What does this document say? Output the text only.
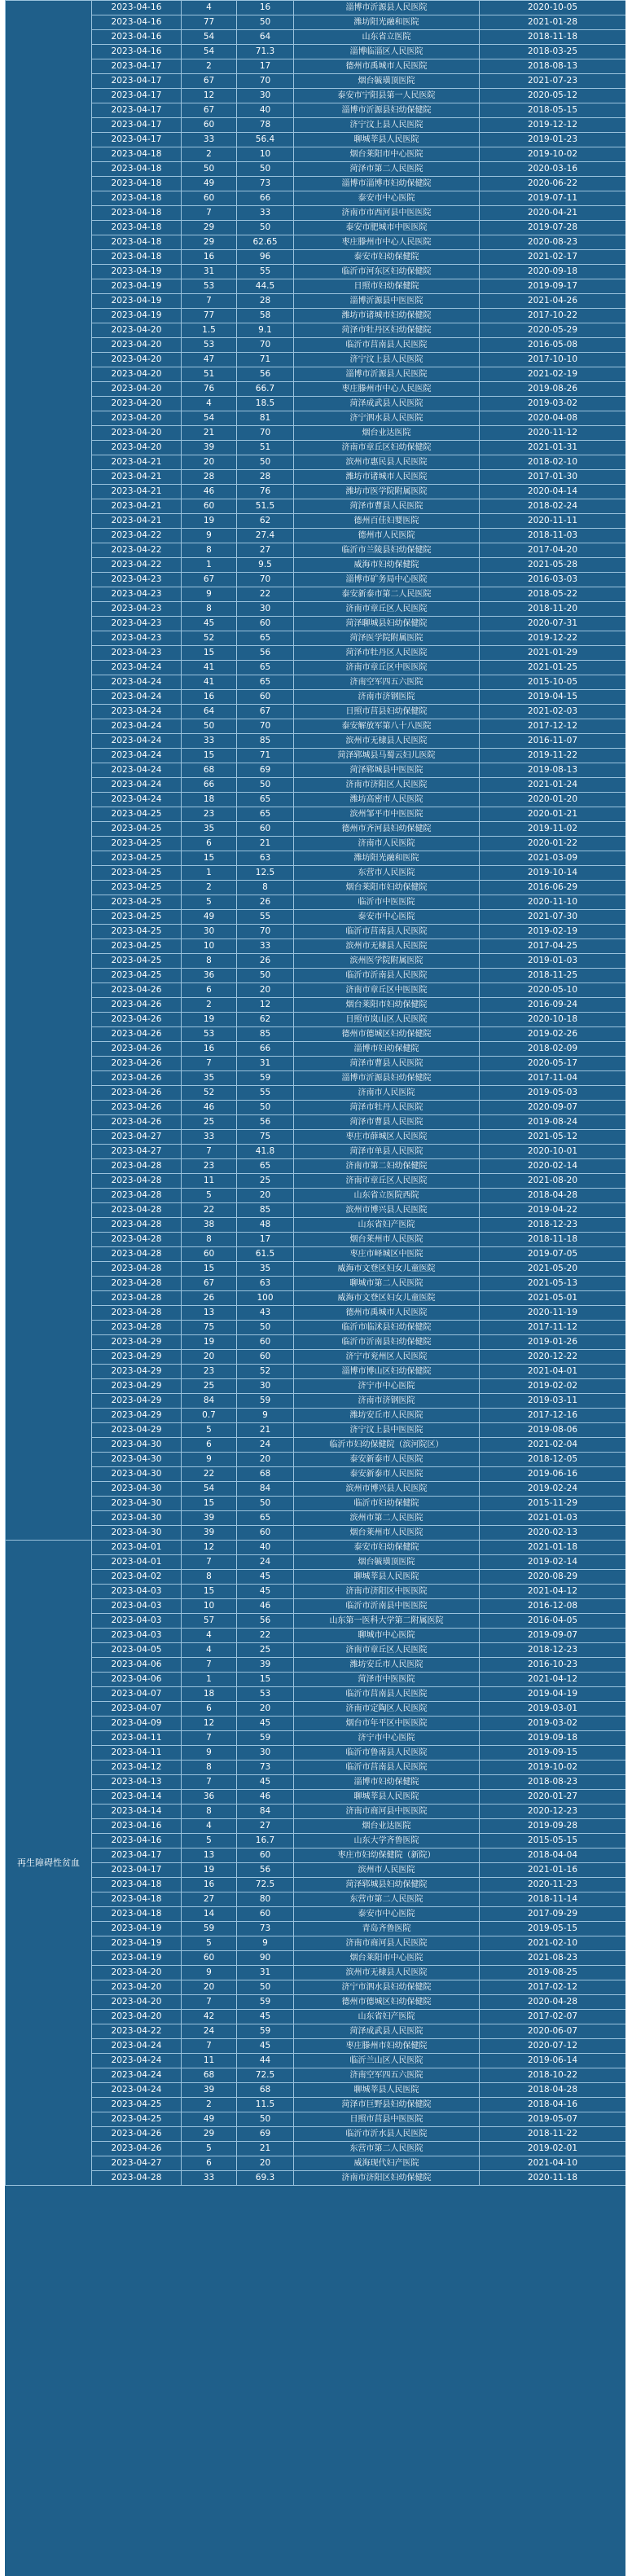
	2023-04-16	4	16	淄博市沂源县人民医院	2020-10-05
	2023-04-16	77	50	潍坊阳光融和医院	2021-01-28
	2023-04-16	54	64	山东省立医院	2018-11-18
	2023-04-16	54	71.3	淄博临淄区人民医院	2018-03-25
	2023-04-17	2	17	德州市禹城市人民医院	2018-08-13
	2023-04-17	67	70	烟台毓璜顶医院	2021-07-23
	2023-04-17	12	30	泰安市宁阳县第一人民医院	2020-05-12
	2023-04-17	67	40	淄博市沂源县妇幼保健院	2018-05-15
	2023-04-17	60	78	济宁汶上县人民医院	2019-12-12
	2023-04-17	33	56.4	聊城莘县人民医院	2019-01-23
	2023-04-18	2	10	烟台莱阳市中心医院	2019-10-02
	2023-04-18	50	50	菏泽市第二人民医院	2020-03-16
	2023-04-18	49	73	淄博市淄博市妇幼保健院	2020-06-22
	2023-04-18	60	66	泰安市中心医院	2019-07-11
	2023-04-18	7	33	济南市市西河县中医医院	2020-04-21
	2023-04-18	29	50	泰安市肥城市中医医院	2019-07-28
	2023-04-18	29	62.65	枣庄滕州市中心人民医院	2020-08-23
	2023-04-18	16	96	泰安市妇幼保健院	2021-02-17
	2023-04-19	31	55	临沂市河东区妇幼保健院	2020-09-18
	2023-04-19	53	44.5	日照市妇幼保健院	2019-09-17
	2023-04-19	7	28	淄博沂源县中医医院	2021-04-26
	2023-04-19	77	58	潍坊市诸城市妇幼保健院	2017-10-22
	2023-04-20	1.5	9.1	菏泽市牡丹区妇幼保健院	2020-05-29
	2023-04-20	53	70	临沂市莒南县人民医院	2016-05-08
	2023-04-20	47	71	济宁汶上县人民医院	2017-10-10
	2023-04-20	51	56	淄博市沂源县人民医院	2021-02-19
	2023-04-20	76	66.7	枣庄滕州市中心人民医院	2019-08-26
	2023-04-20	4	18.5	菏泽成武县人民医院	2019-03-02
	2023-04-20	54	81	济宁泗水县人民医院	2020-04-08
	2023-04-20	21	70	烟台业达医院	2020-11-12
	2023-04-20	39	51	济南市章丘区妇幼保健院	2021-01-31
	2023-04-21	20	50	滨州市惠民县人民医院	2018-02-10
	2023-04-21	28	28	潍坊市诸城市人民医院	2017-01-30
	2023-04-21	46	76	潍坊市医学院附属医院	2020-04-14
	2023-04-21	60	51.5	菏泽市曹县人民医院	2018-02-24
	2023-04-21	19	62	德州百佳妇婴医院	2020-11-11
	2023-04-22	9	27.4	德州市人民医院	2018-11-03
	2023-04-22	8	27	临沂市兰陵县妇幼保健院	2017-04-20
	2023-04-22	1	9.5	威海市妇幼保健院	2021-05-28
	2023-04-23	67	70	淄博市矿务局中心医院	2016-03-03
	2023-04-23	9	22	泰安新泰市第二人民医院	2018-05-22
	2023-04-23	8	30	济南市章丘区人民医院	2018-11-20
	2023-04-23	45	60	菏泽聊城县妇幼保健院	2020-07-31
	2023-04-23	52	65	菏泽医学院附属医院	2019-12-22
	2023-04-23	15	56	菏泽市牡丹区人民医院	2021-01-29
	2023-04-24	41	65	济南市章丘区中医医院	2021-01-25
	2023-04-24	41	65	济南空军四五六医院	2015-10-05
	2023-04-24	16	60	济南市济钢医院	2019-04-15
	2023-04-24	64	67	日照市莒县妇幼保健院	2021-02-03
	2023-04-24	50	70	泰安解放军第八十八医院	2017-12-12
	2023-04-24	33	85	滨州市无棣县人民医院	2016-11-07
	2023-04-24	15	71	菏泽郓城县马蜀云妇儿医院	2019-11-22
	2023-04-24	68	69	菏泽郓城县中医医院	2019-08-13
	2023-04-24	66	50	济南市济阳区人民医院	2021-01-24
	2023-04-24	18	65	潍坊高密市人民医院	2020-01-20
	2023-04-25	23	65	滨州邹平市中医医院	2020-01-21
	2023-04-25	35	60	德州市齐河县妇幼保健院	2019-11-02
	2023-04-25	6	21	济南市人民医院	2020-01-22
	2023-04-25	15	63	潍坊阳光融和医院	2021-03-09
	2023-04-25	1	12.5	东营市人民医院	2019-10-14
	2023-04-25	2	8	烟台莱阳市妇幼保健院	2016-06-29
	2023-04-25	5	26	临沂市中医医院	2020-11-10
	2023-04-25	49	55	泰安市中心医院	2021-07-30
	2023-04-25	30	70	临沂市莒南县人民医院	2019-02-19
	2023-04-25	10	33	滨州市无棣县人民医院	2017-04-25
	2023-04-25	8	26	滨州医学院附属医院	2019-01-03
	2023-04-25	36	50	临沂市沂南县人民医院	2018-11-25
	2023-04-26	6	20	济南市章丘区中医医院	2020-05-10
	2023-04-26	2	12	烟台莱阳市妇幼保健院	2016-09-24
	2023-04-26	19	62	日照市岚山区人民医院	2020-10-18
	2023-04-26	53	85	德州市德城区妇幼保健院	2019-02-26
	2023-04-26	16	66	淄博市妇幼保健院	2018-02-09
	2023-04-26	7	31	菏泽市曹县人民医院	2020-05-17
	2023-04-26	35	59	淄博市沂源县妇幼保健院	2017-11-04
	2023-04-26	52	55	济南市人民医院	2019-05-03
	2023-04-26	46	50	菏泽市牡丹人民医院	2020-09-07
	2023-04-26	25	56	菏泽市曹县人民医院	2019-08-24
	2023-04-27	33	75	枣庄市薛城区人民医院	2021-05-12
	2023-04-27	7	41.8	菏泽市单县人民医院	2020-10-01
	2023-04-28	23	65	济南市第二妇幼保健院	2020-02-14
	2023-04-28	11	25	济南市章丘区人民医院	2021-08-20
	2023-04-28	5	20	山东省立医院西院	2018-04-28
	2023-04-28	22	85	滨州市博兴县人民医院	2019-04-22
	2023-04-28	38	48	山东省妇产医院	2018-12-23
	2023-04-28	8	17	烟台莱州市人民医院	2018-11-18
	2023-04-28	60	61.5	枣庄市峄城区中医院	2019-07-05
	2023-04-28	15	35	威海市文登区妇女儿童医院	2021-05-20
	2023-04-28	67	63	聊城市第二人民医院	2021-05-13
	2023-04-28	26	100	威海市文登区妇女儿童医院	2021-05-01
	2023-04-28	13	43	德州市禹城市人民医院	2020-11-19
	2023-04-28	75	50	临沂市临沭县妇幼保健院	2017-11-12
	2023-04-29	19	60	临沂市沂南县妇幼保健院	2019-01-26
	2023-04-29	20	60	济宁市兖州区人民医院	2020-12-22
	2023-04-29	23	52	淄博市博山区妇幼保健院	2021-04-01
	2023-04-29	25	30	济宁市中心医院	2019-02-02
	2023-04-29	84	59	济南市济钢医院	2019-03-11
	2023-04-29	0.7	9	潍坊安丘市人民医院	2017-12-16
	2023-04-29	5	21	济宁汶上县中医医院	2019-08-06
	2023-04-30	6	24	临沂市妇幼保健院（滨河院区）	2021-02-04
	2023-04-30	9	20	泰安新泰市人民医院	2018-12-05
	2023-04-30	22	68	泰安新泰市人民医院	2019-06-16
	2023-04-30	54	84	滨州市博兴县人民医院	2019-02-24
	2023-04-30	15	50	临沂市妇幼保健院	2015-11-29
	2023-04-30	39	65	滨州市第二人民医院	2021-01-03
	2023-04-30	39	60	烟台莱州市人民医院	2020-02-13
再生障碍性贫血	2023-04-01	12	40	泰安市妇幼保健院	2021-01-18
	2023-04-01	7	24	烟台毓璜顶医院	2019-02-14
	2023-04-02	8	45	聊城莘县人民医院	2020-08-29
	2023-04-03	15	45	济南市济阳区中医医院	2021-04-12
	2023-04-03	10	46	临沂市沂南县中医医院	2016-12-08
	2023-04-03	57	56	山东第一医科大学第二附属医院	2016-04-05
	2023-04-03	4	22	聊城市中心医院	2019-09-07
	2023-04-05	4	25	济南市章丘区人民医院	2018-12-23
	2023-04-06	7	39	潍坊安丘市人民医院	2016-10-23
	2023-04-06	1	15	菏泽市中医医院	2021-04-12
	2023-04-07	18	53	临沂市莒南县人民医院	2019-04-19
	2023-04-07	6	20	济南市定陶区人民医院	2019-03-01
	2023-04-09	12	45	烟台市年平区中医医院	2019-03-02
	2023-04-11	7	59	济宁市中心医院	2019-09-18
	2023-04-11	9	30	临沂市鲁南县人民医院	2019-09-15
	2023-04-12	8	73	临沂市莒南县人民医院	2019-10-02
	2023-04-13	7	45	淄博市妇幼保健院	2018-08-23
	2023-04-14	36	46	聊城莘县人民医院	2020-01-27
	2023-04-14	8	84	济南市商河县中医医院	2020-12-23
	2023-04-16	4	27	烟台业达医院	2019-09-28
	2023-04-16	5	16.7	山东大学齐鲁医院	2015-05-15
	2023-04-17	13	60	枣庄市妇幼保健院（新院）	2018-04-04
	2023-04-17	19	56	滨州市人民医院	2021-01-16
	2023-04-18	16	72.5	菏泽郓城县妇幼保健院	2020-11-23
	2023-04-18	27	80	东营市第二人民医院	2018-11-14
	2023-04-18	14	60	泰安市中心医院	2017-09-29
	2023-04-19	59	73	青岛齐鲁医院	2019-05-15
	2023-04-19	5	9	济南市商河县人民医院	2021-02-10
	2023-04-19	60	90	烟台莱阳市中心医院	2021-08-23
	2023-04-20	9	31	滨州市无棣县人民医院	2019-08-25
	2023-04-20	20	50	济宁市泗水县妇幼保健院	2017-02-12
	2023-04-20	7	59	德州市德城区妇幼保健院	2020-04-28
	2023-04-20	42	45	山东省妇产医院	2017-02-07
	2023-04-22	24	59	菏泽成武县人民医院	2020-06-07
	2023-04-24	7	45	枣庄滕州市妇幼保健院	2020-07-12
	2023-04-24	11	44	临沂兰山区人民医院	2019-06-14
	2023-04-24	68	72.5	济南空军四五六医院	2018-10-22
	2023-04-24	39	68	聊城莘县人民医院	2018-04-28
	2023-04-25	2	11.5	菏泽市巨野县妇幼保健院	2018-04-16
	2023-04-25	49	50	日照市莒县中医医院	2019-05-07
	2023-04-26	29	69	临沂市沂水县人民医院	2018-11-22
	2023-04-26	5	21	东营市第二人民医院	2019-02-01
	2023-04-27	6	20	威海现代妇产医院	2021-04-10
	2023-04-28	33	69.3	济南市济阳区妇幼保健院	2020-11-18
